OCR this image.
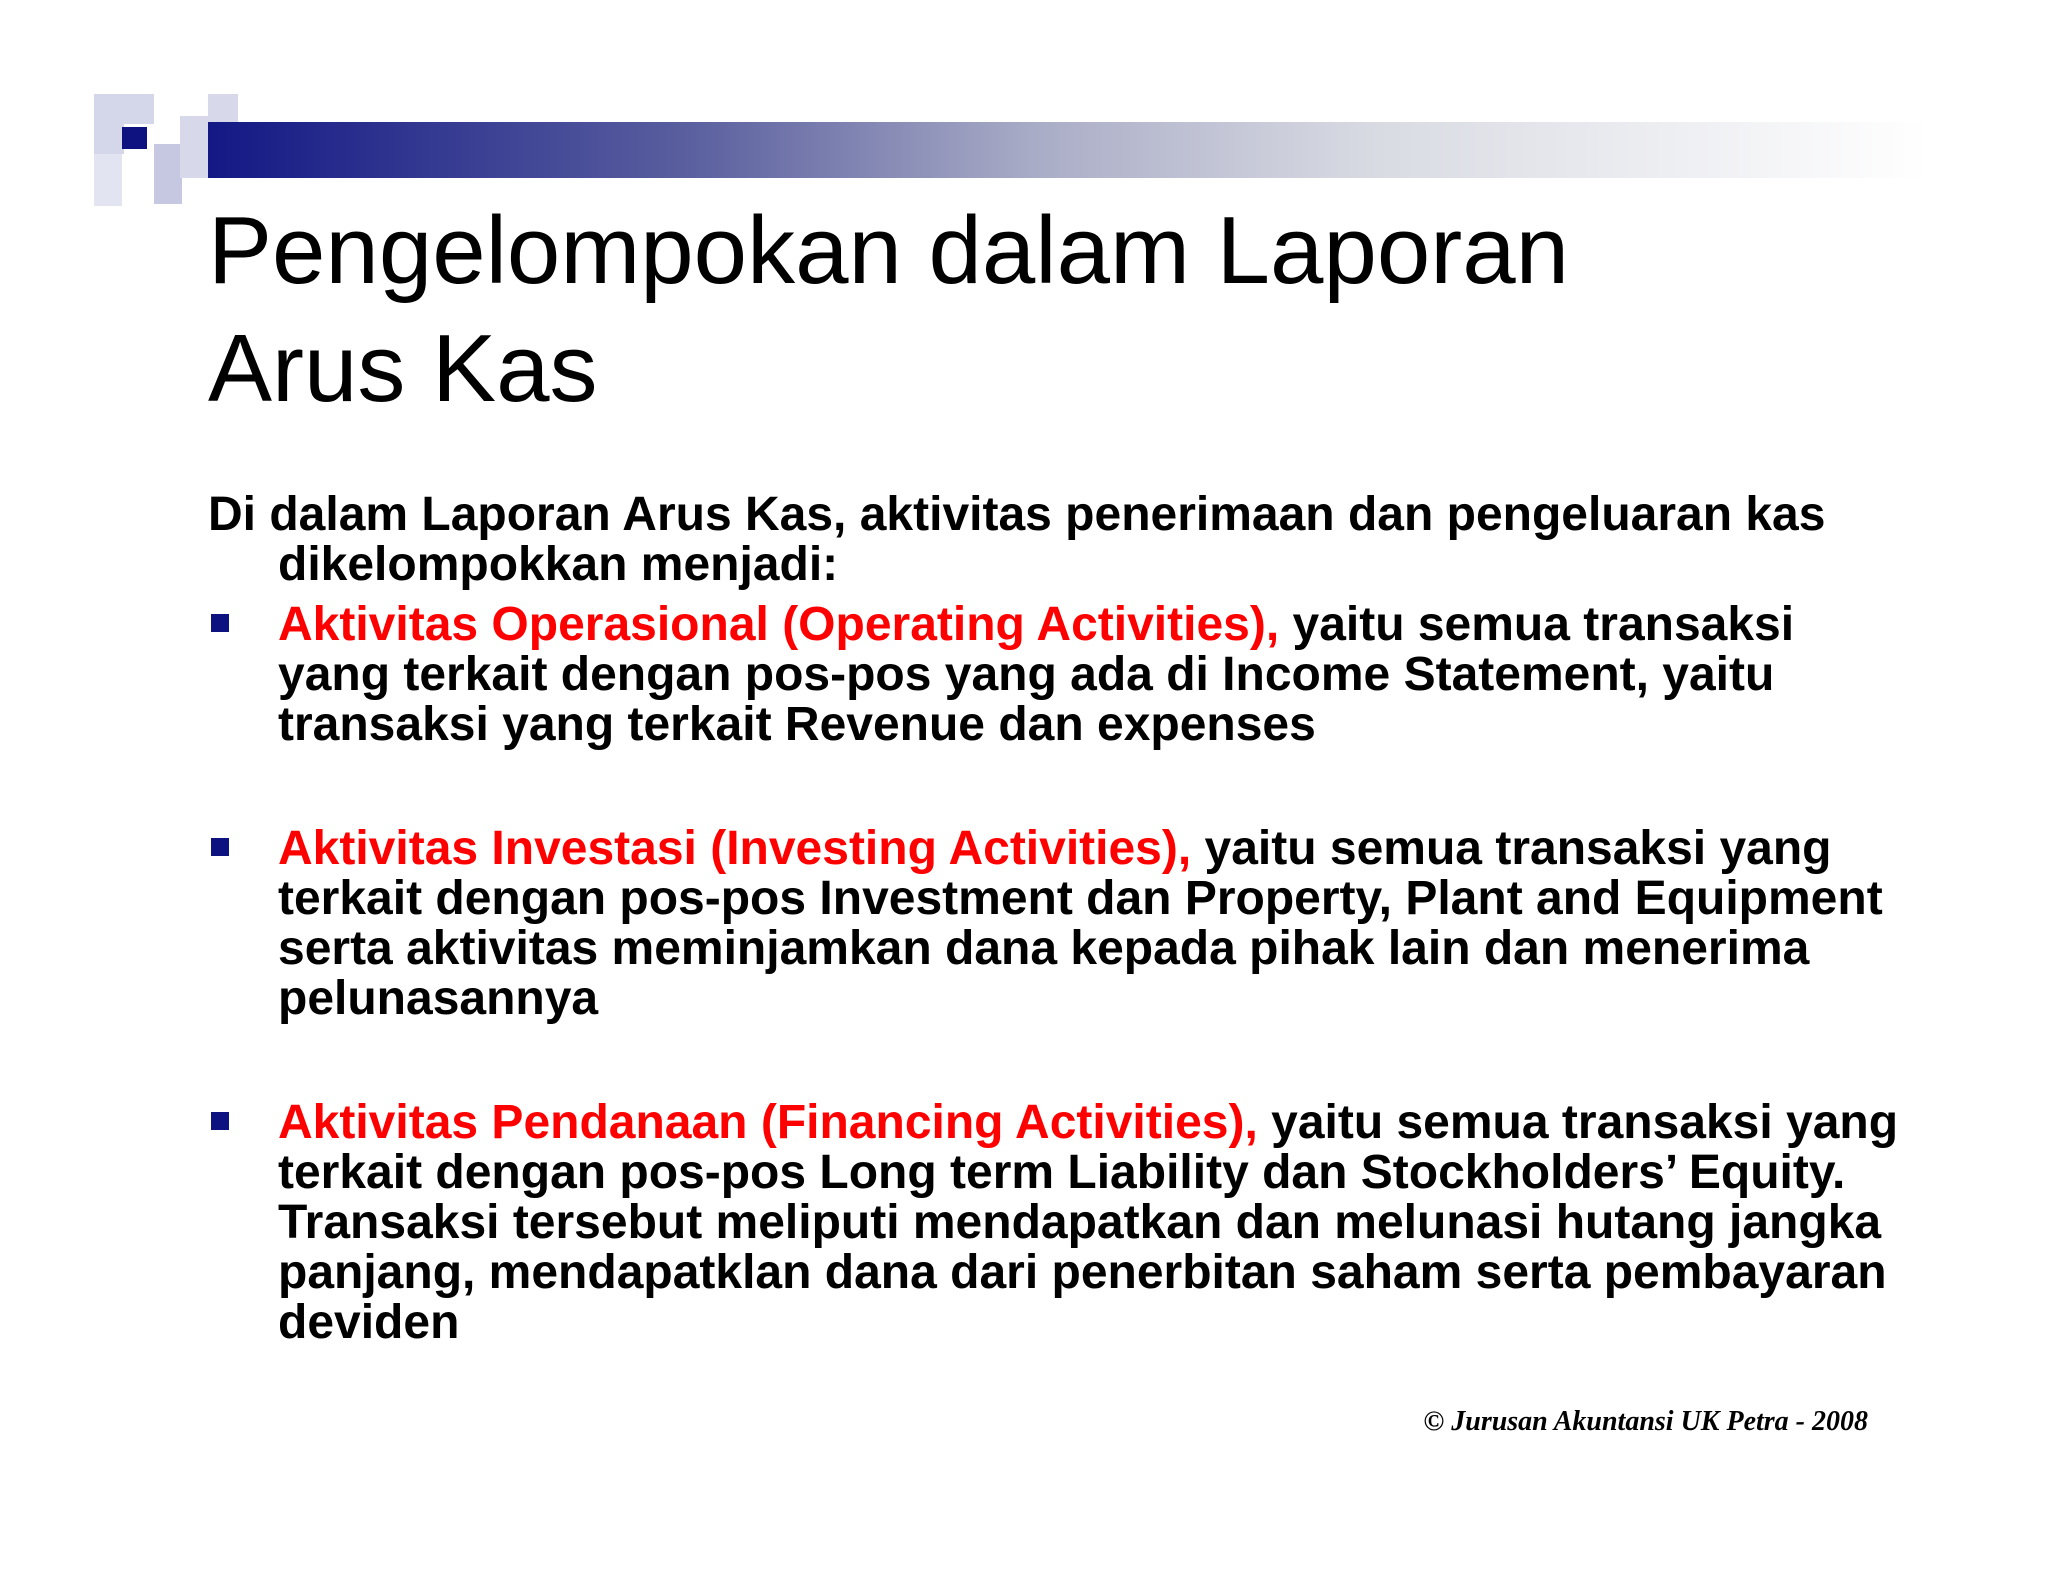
Pengelompokan dalam Laporan
Arus Kas

Di dalam Laporan Arus Kas, aktivitas penerimaan dan pengeluaran kas dikelompokkan menjadi:

Aktivitas Operasional (Operating Activities), yaitu semua transaksi yang terkait dengan pos-pos yang ada di Income Statement, yaitu transaksi yang terkait Revenue dan expenses
Aktivitas Investasi (Investing Activities), yaitu semua transaksi yang terkait dengan pos-pos Investment dan Property, Plant and Equipment serta aktivitas meminjamkan dana kepada pihak lain dan menerima pelunasannya
Aktivitas Pendanaan (Financing Activities), yaitu semua transaksi yang terkait dengan pos-pos Long term Liability dan Stockholders’ Equity. Transaksi tersebut meliputi mendapatkan dan melunasi hutang jangka panjang, mendapatklan dana dari penerbitan saham serta pembayaran deviden
© Jurusan Akuntansi UK Petra - 2008
